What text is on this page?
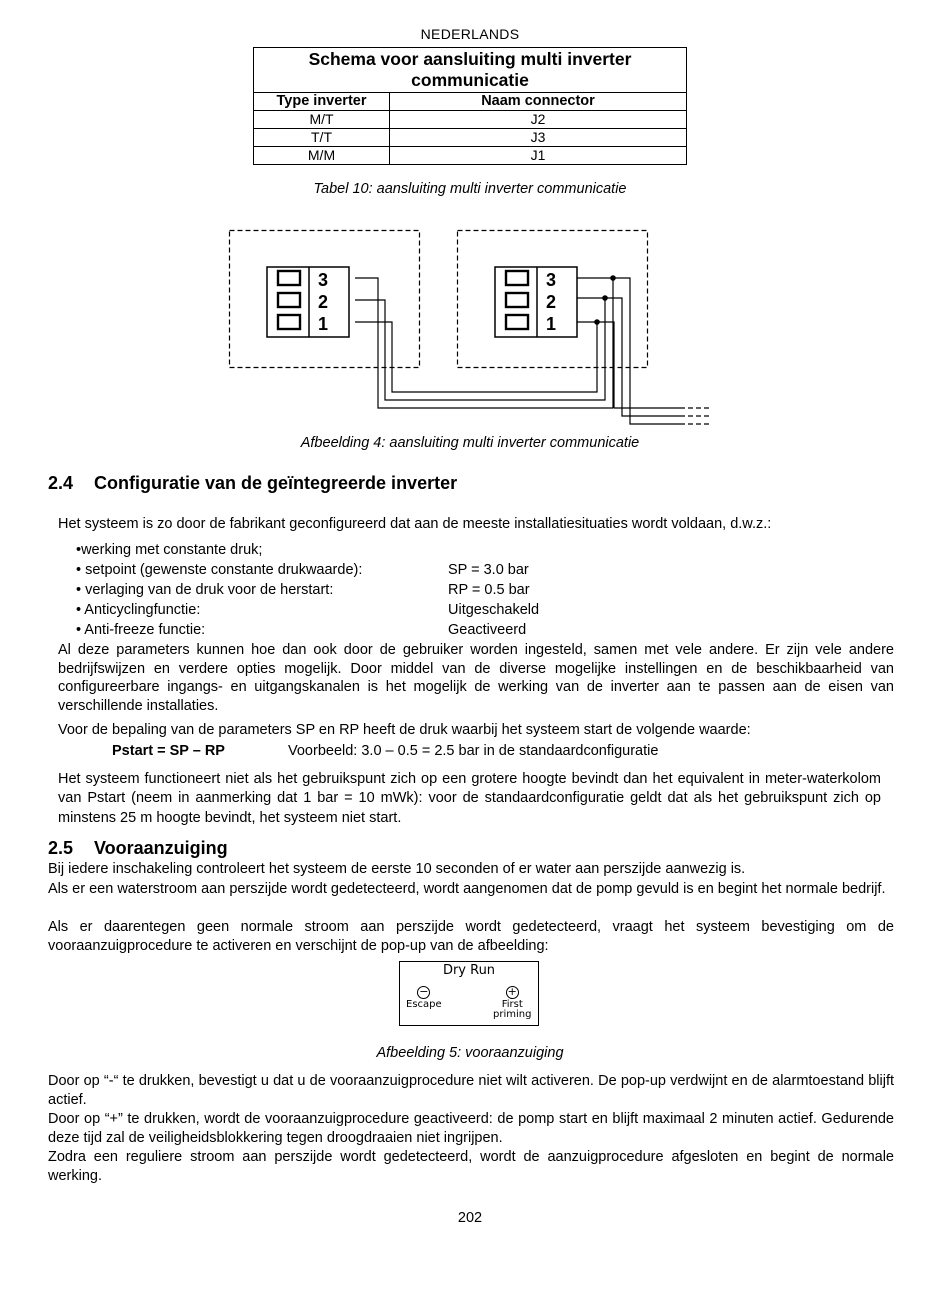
NEDERLANDS
Schema voor aansluiting multi inverter communicatie	
Type inverter	Naam connector
M/T	J2
T/T	J3
M/M	J1
Tabel 10: aansluiting multi inverter communicatie
3
2
1
3
2
1
Afbeelding 4: aansluiting multi inverter communicatie
2.4 Configuratie van de geïntegreerde inverter
Het systeem is zo door de fabrikant geconfigureerd dat aan de meeste installatiesituaties wordt voldaan, d.w.z.:
•werking met constante druk;
• setpoint (gewenste constante drukwaarde):	SP = 3.0 bar
• verlaging van de druk voor de herstart:	RP = 0.5 bar
• Anticyclingfunctie:	Uitgeschakeld
• Anti-freeze functie:	Geactiveerd
Al deze parameters kunnen hoe dan ook door de gebruiker worden ingesteld, samen met vele andere. Er zijn vele andere bedrijfswijzen en verdere opties mogelijk. Door middel van de diverse mogelijke instellingen en de beschikbaarheid van configureerbare ingangs- en uitgangskanalen is het mogelijk de werking van de inverter aan te passen aan de eisen van verschillende installaties.
Voor de bepaling van de parameters SP en RP heeft de druk waarbij het systeem start de volgende waarde:
Pstart = SP – RP	Voorbeeld: 3.0 – 0.5 = 2.5 bar in de standaardconfiguratie
Het systeem functioneert niet als het gebruikspunt zich op een grotere hoogte bevindt dan het equivalent in meter-waterkolom van Pstart (neem in aanmerking dat 1 bar = 10 mWk): voor de standaardconfiguratie geldt dat als het gebruikspunt zich op minstens 25 m hoogte bevindt, het systeem niet start.
2.5 Vooraanzuiging
Bij iedere inschakeling controleert het systeem de eerste 10 seconden of er water aan perszijde aanwezig is.
Als er een waterstroom aan perszijde wordt gedetecteerd, wordt aangenomen dat de pomp gevuld is en begint het normale bedrijf.
Als er daarentegen geen normale stroom aan perszijde wordt gedetecteerd, vraagt het systeem bevestiging om de vooraanzuigprocedure te activeren en verschijnt de pop-up van de afbeelding:
Dry Run
−
Escape
+
First
priming
Afbeelding 5: vooraanzuiging
Door op “-“ te drukken, bevestigt u dat u de vooraanzuigprocedure niet wilt activeren. De pop-up verdwijnt en de alarmtoestand blijft actief.
Door op “+” te drukken, wordt de vooraanzuigprocedure geactiveerd: de pomp start en blijft maximaal 2 minuten actief. Gedurende deze tijd zal de veiligheidsblokkering tegen droogdraaien niet ingrijpen.
Zodra een reguliere stroom aan perszijde wordt gedetecteerd, wordt de aanzuigprocedure afgesloten en begint de normale werking.
202
